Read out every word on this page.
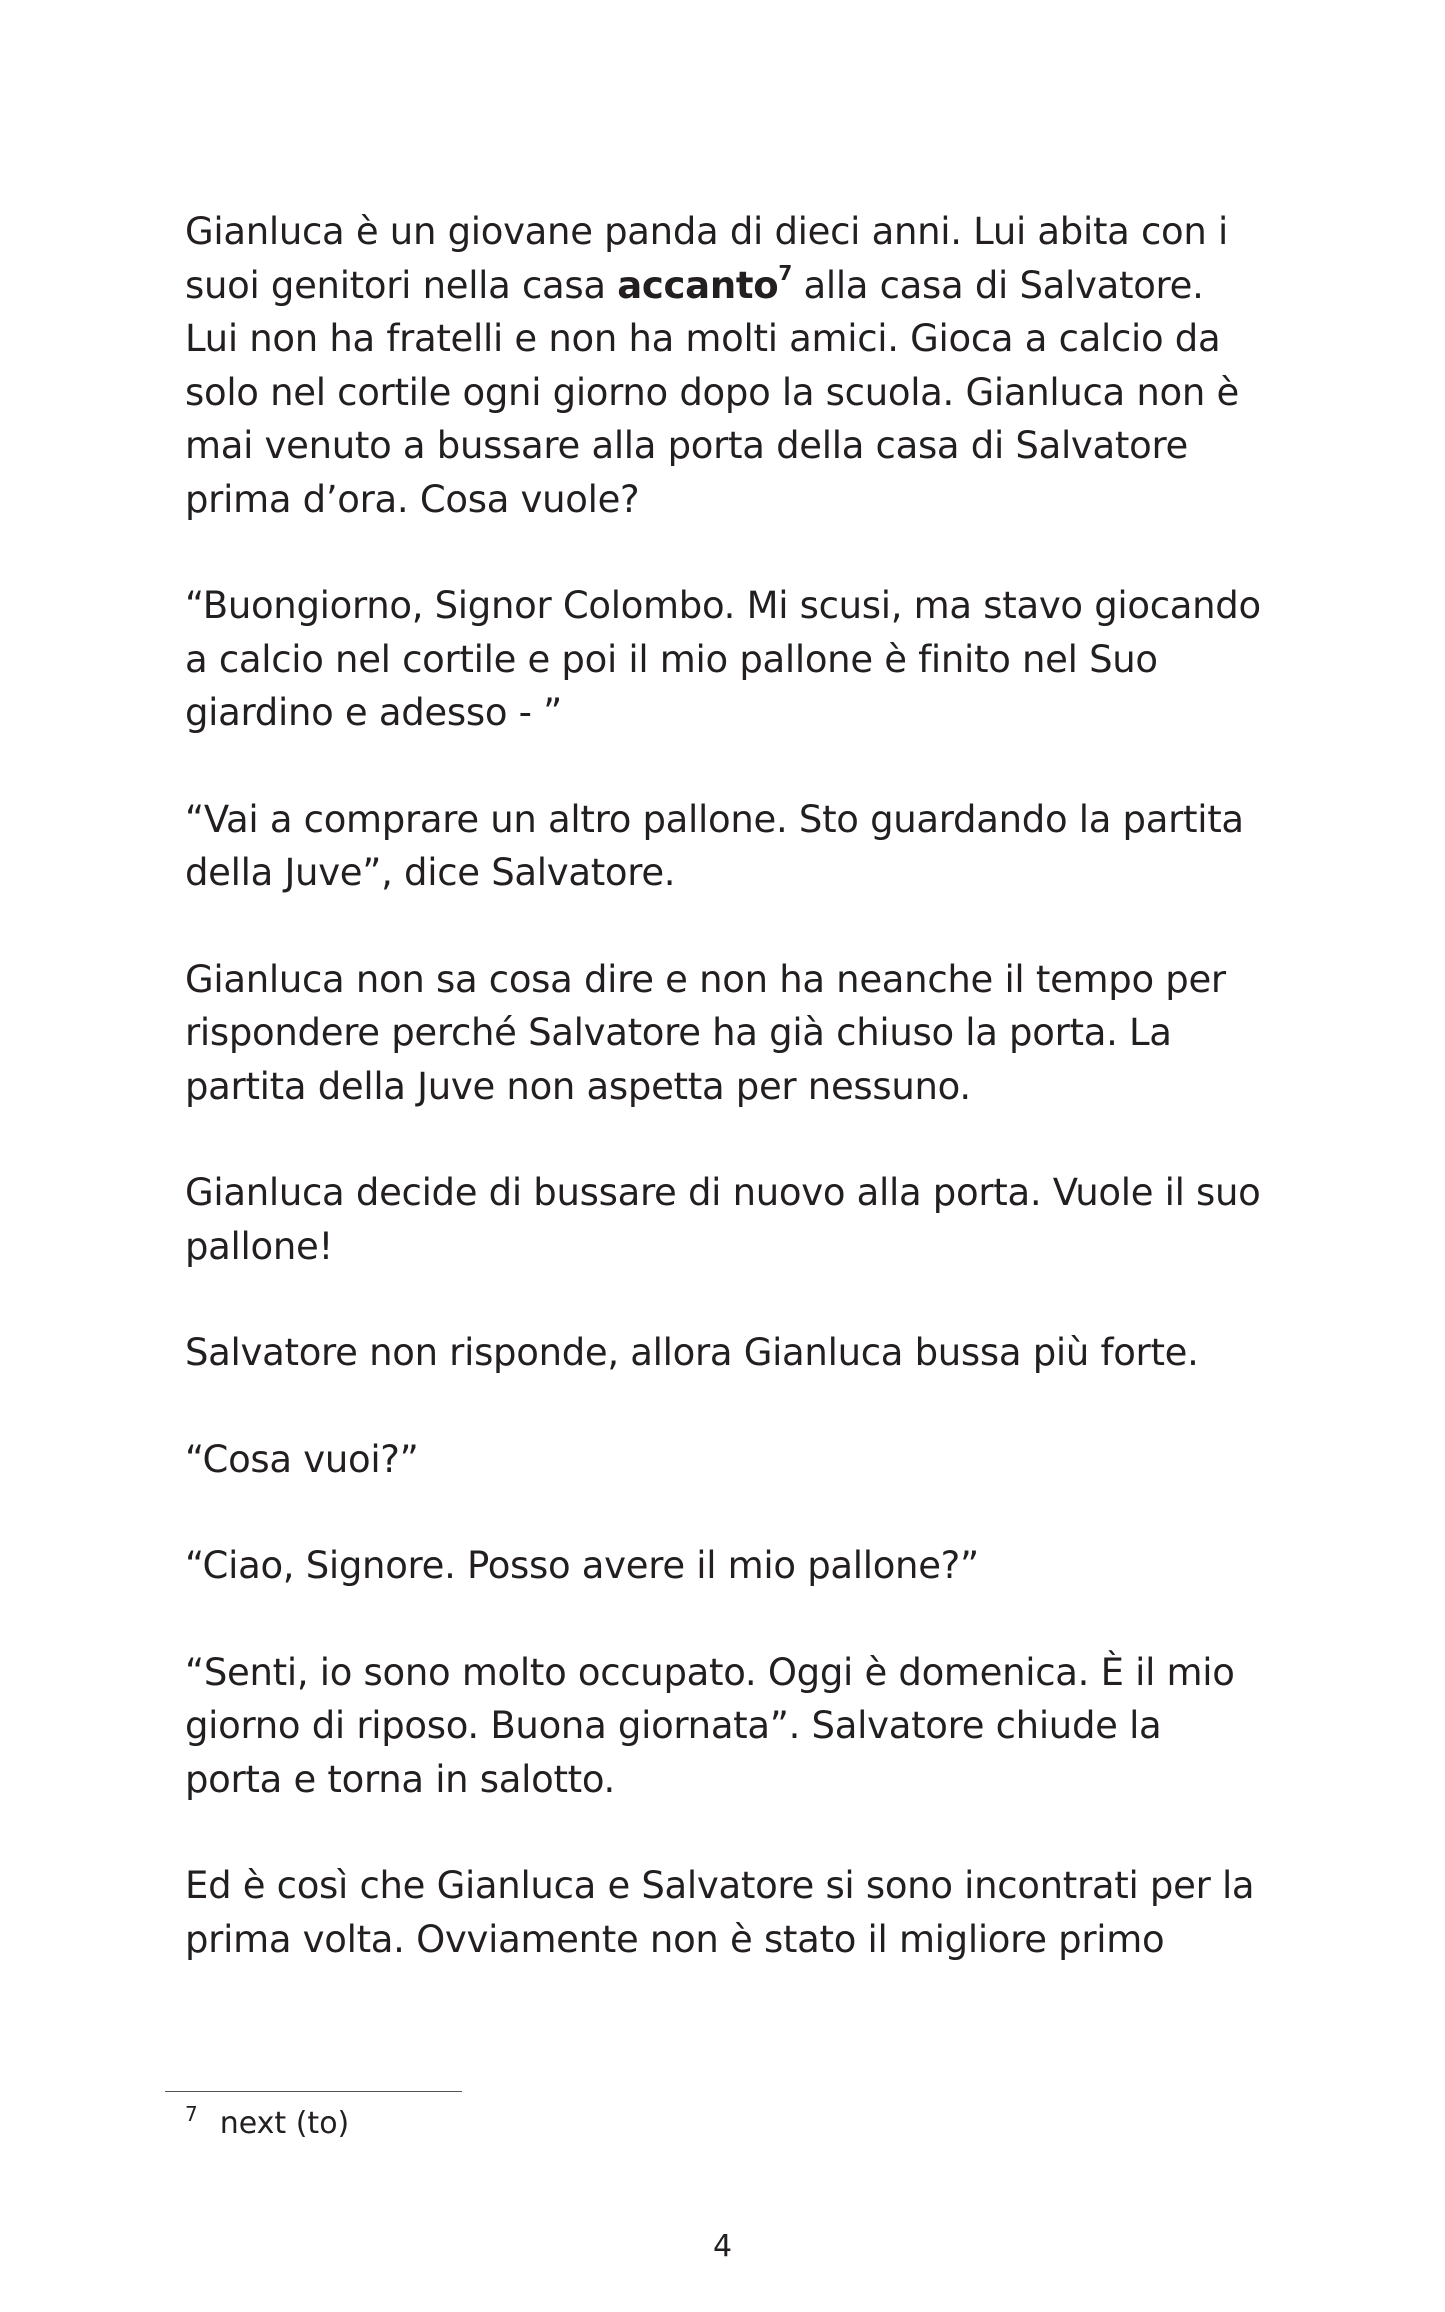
Gianluca è un giovane panda di dieci anni. Lui abita con i suoi genitori nella casa accanto$^7$ alla casa di Salvatore. Lui non ha fratelli e non ha molti amici. Gioca a calcio da solo nel cortile ogni giorno dopo la scuola. Gianluca non è mai venuto a bussare alla porta della casa di Salvatore prima d’ora. Cosa vuole?

“Buongiorno, Signor Colombo. Mi scusi, ma stavo giocando a calcio nel cortile e poi il mio pallone è finito nel Suo giardino e adesso - ”

“Vai a comprare un altro pallone. Sto guardando la partita della Juve”, dice Salvatore.

Gianluca non sa cosa dire e non ha neanche il tempo per rispondere perché Salvatore ha già chiuso la porta. La partita della Juve non aspetta per nessuno.

Gianluca decide di bussare di nuovo alla porta. Vuole il suo pallone!

Salvatore non risponde, allora Gianluca bussa più forte.

“Cosa vuoi?”

“Ciao, Signore. Posso avere il mio pallone?”

“Senti, io sono molto occupato. Oggi è domenica. È il mio giorno di riposo. Buona giornata”. Salvatore chiude la porta e torna in salotto.

Ed è così che Gianluca e Salvatore si sono incontrati per la prima volta. Ovviamente non è stato il migliore primo

$^7$ next (to)
4
